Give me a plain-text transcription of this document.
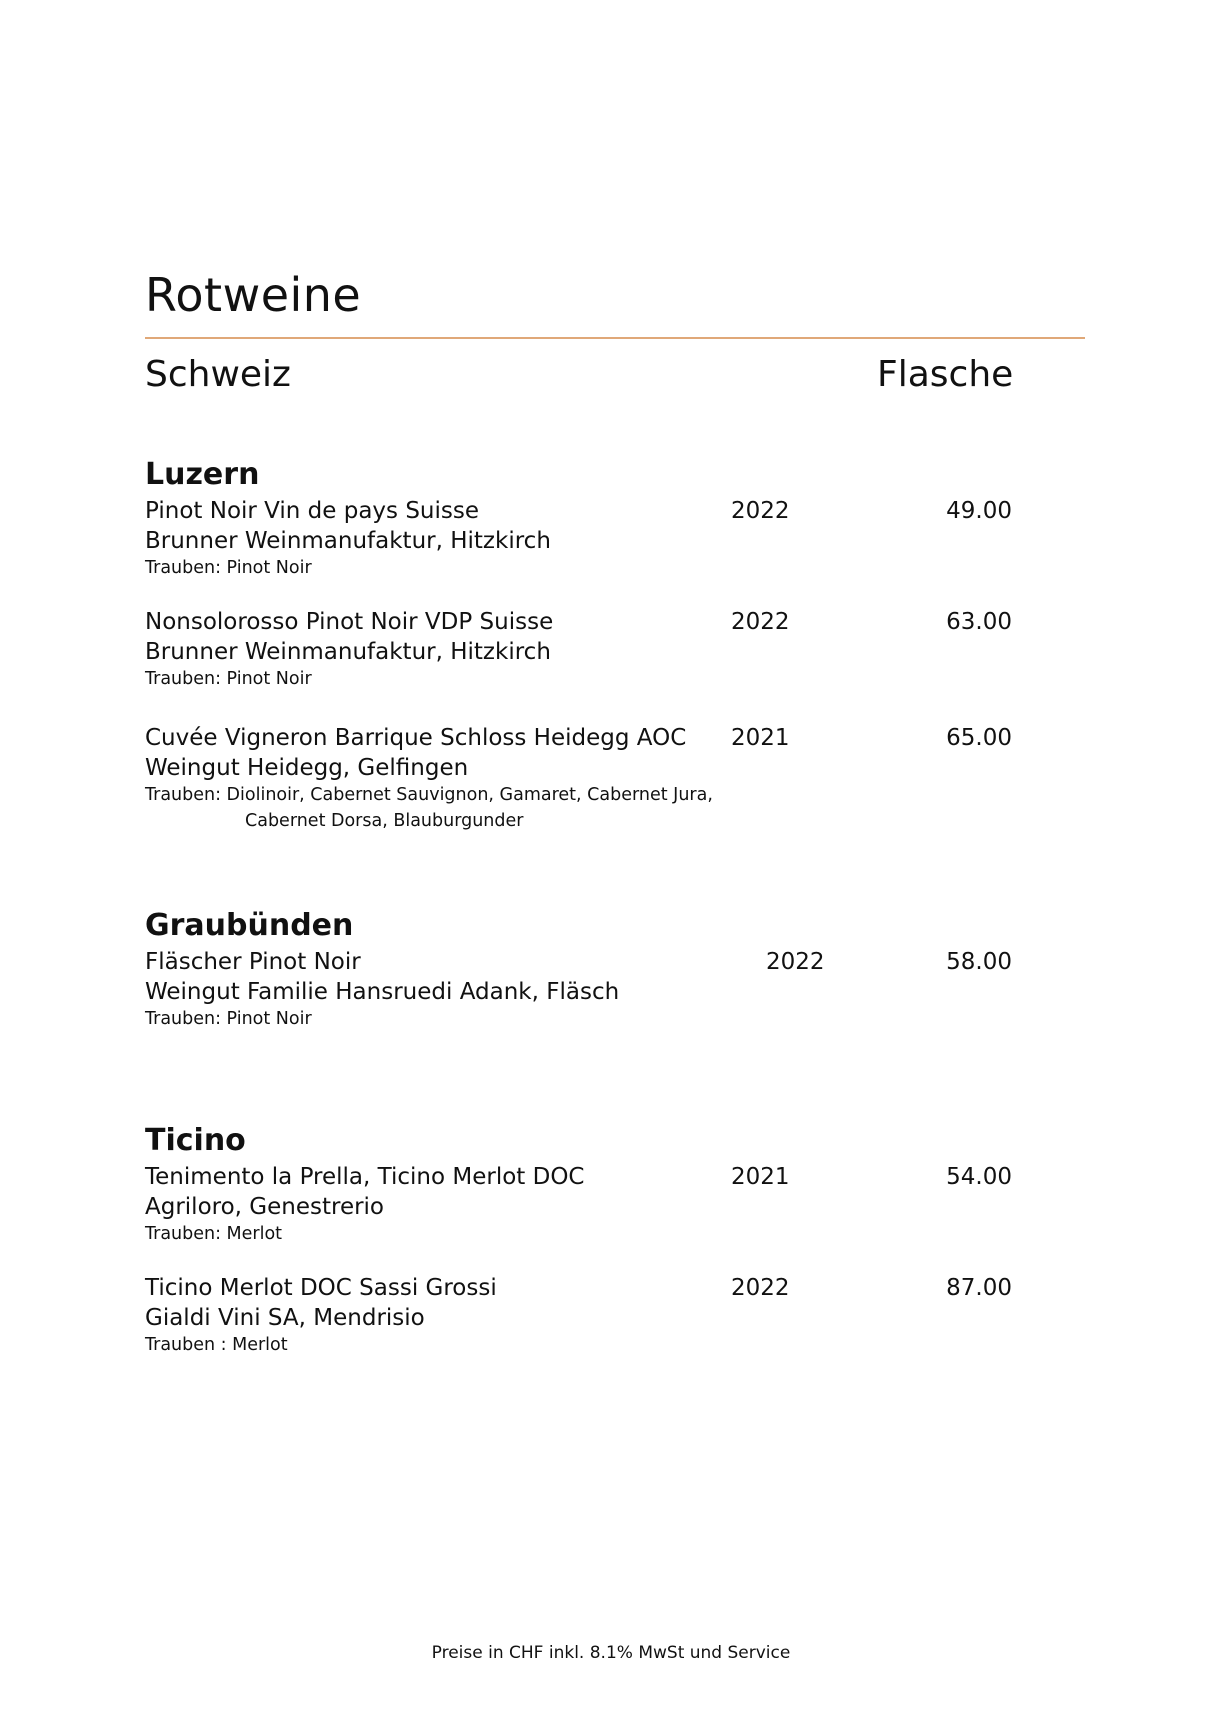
Rotweine
Schweiz	Flasche
Luzern
Pinot Noir Vin de pays Suisse	2022	49.00
Brunner Weinmanufaktur, Hitzkirch
Trauben: Pinot Noir
Nonsolorosso Pinot Noir VDP Suisse	2022	63.00
Brunner Weinmanufaktur, Hitzkirch
Trauben: Pinot Noir
Cuvée Vigneron Barrique Schloss Heidegg AOC 2021	65.00
Weingut Heidegg, Gelfingen
Trauben: Diolinoir, Cabernet Sauvignon, Gamaret, Cabernet Jura,
Cabernet Dorsa, Blauburgunder
Graubünden
Fläscher Pinot Noir	2022	58.00
Weingut Familie Hansruedi Adank, Fläsch
Trauben: Pinot Noir
Ticino
Tenimento la Prella, Ticino Merlot DOC	2021	54.00
Agriloro, Genestrerio
Trauben: Merlot
Ticino Merlot DOC Sassi Grossi	2022	87.00
Gialdi Vini SA, Mendrisio
Trauben : Merlot
Preise in CHF inkl. 8.1% MwSt und Service
